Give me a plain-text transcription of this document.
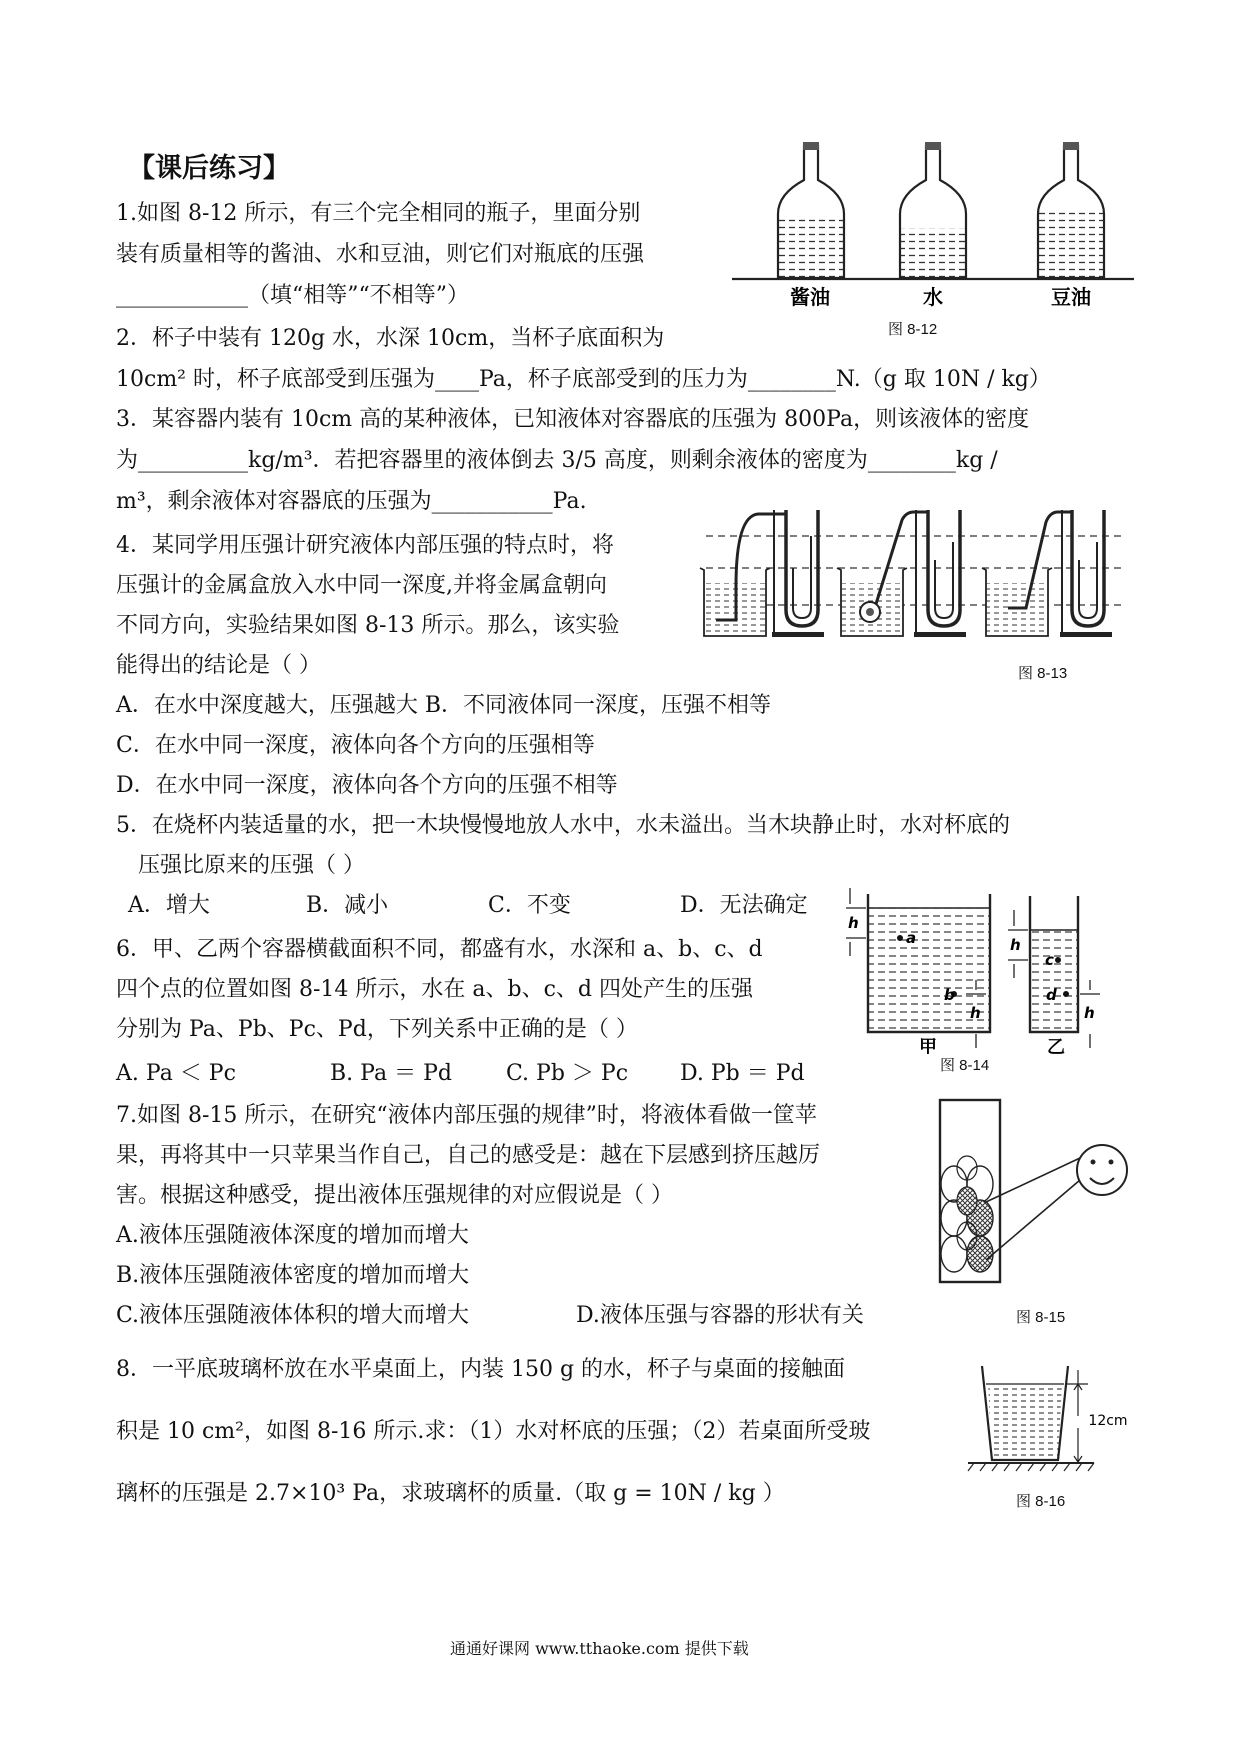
【课后练习】
1.如图 8-12 所示，有三个完全相同的瓶子，里面分别
装有质量相等的酱油、水和豆油，则它们对瓶底的压强
____________（填“相等”“不相等”）
2．杯子中装有 120g 水，水深 10cm，当杯子底面积为
10cm² 时，杯子底部受到压强为____Pa，杯子底部受到的压力为________N.（g 取 10N / kg）
3．某容器内装有 10cm 高的某种液体，已知液体对容器底的压强为 800Pa，则该液体的密度
为__________kg/m³．若把容器里的液体倒去 3/5 高度，则剩余液体的密度为________kg /
m³，剩余液体对容器底的压强为___________Pa.
4．某同学用压强计研究液体内部压强的特点时，将
压强计的金属盒放入水中同一深度,并将金属盒朝向
不同方向，实验结果如图 8-13 所示。那么，该实验
能得出的结论是（ ）
A．在水中深度越大，压强越大 B．不同液体同一深度，压强不相等
C．在水中同一深度，液体向各个方向的压强相等
D．在水中同一深度，液体向各个方向的压强不相等
5．在烧杯内装适量的水，把一木块慢慢地放人水中，水未溢出。当木块静止时，水对杯底的
压强比原来的压强（ ）
A．增大	B．减小	C．不变	D．无法确定
6．甲、乙两个容器横截面积不同，都盛有水，水深和 a、b、c、d
四个点的位置如图 8-14 所示，水在 a、b、c、d 四处产生的压强
分别为 Pa、Pb、Pc、Pd，下列关系中正确的是（ ）
A. Pa ＜ Pc	B. Pa ＝ Pd C. Pb ＞ Pc D. Pb ＝ Pd
7.如图 8-15 所示，在研究“液体内部压强的规律”时，将液体看做一筐苹
果，再将其中一只苹果当作自己，自己的感受是：越在下层感到挤压越厉
害。根据这种感受，提出液体压强规律的对应假说是（ ）
A.液体压强随液体深度的增加而增大
B.液体压强随液体密度的增加而增大
C.液体压强随液体体积的增大而增大	D.液体压强与容器的形状有关
8．一平底玻璃杯放在水平桌面上，内装 150 g 的水，杯子与桌面的接触面
积是 10 cm²，如图 8-16 所示.求：（1）水对杯底的压强；（2）若桌面所受玻
璃杯的压强是 2.7×10³ Pa，求玻璃杯的质量.（取 g = 10N / kg ）
酱油	水	豆油
图 8-12
图 8-13
a
b
h
h
甲
c
d
h
h
乙
图 8-14
图 8-15
12cm
图 8-16
通通好课网 www.tthaoke.com 提供下载
